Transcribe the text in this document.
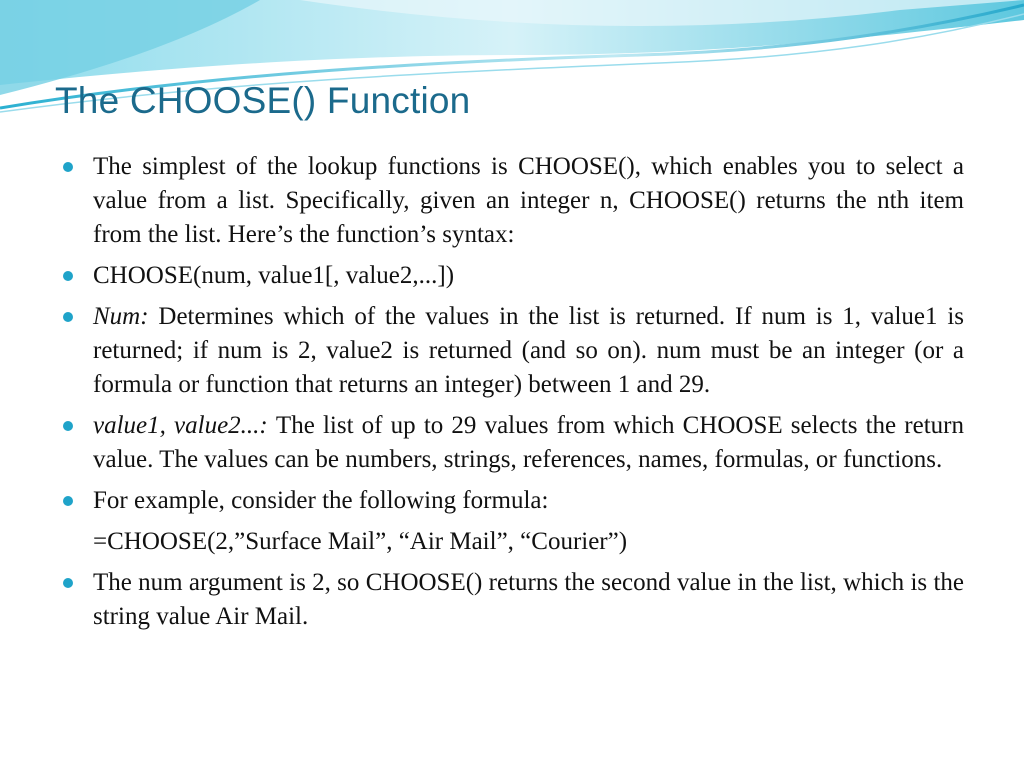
The CHOOSE() Function
The simplest of the lookup functions is CHOOSE(), which enables you to select a value from a list. Specifically, given an integer n, CHOOSE() returns the nth item from the list. Here’s the function’s syntax:
CHOOSE(num, value1[, value2,...])
Num: Determines which of the values in the list is returned. If num is 1, value1 is returned; if num is 2, value2 is returned (and so on). num must be an integer (or a formula or function that returns an integer) between 1 and 29.
value1, value2...: The list of up to 29 values from which CHOOSE selects the return value. The values can be numbers, strings, references, names, formulas, or functions.
For example, consider the following formula:
=CHOOSE(2,”Surface Mail”, “Air Mail”, “Courier”)
The num argument is 2, so CHOOSE() returns the second value in the list, which is the string value Air Mail.
